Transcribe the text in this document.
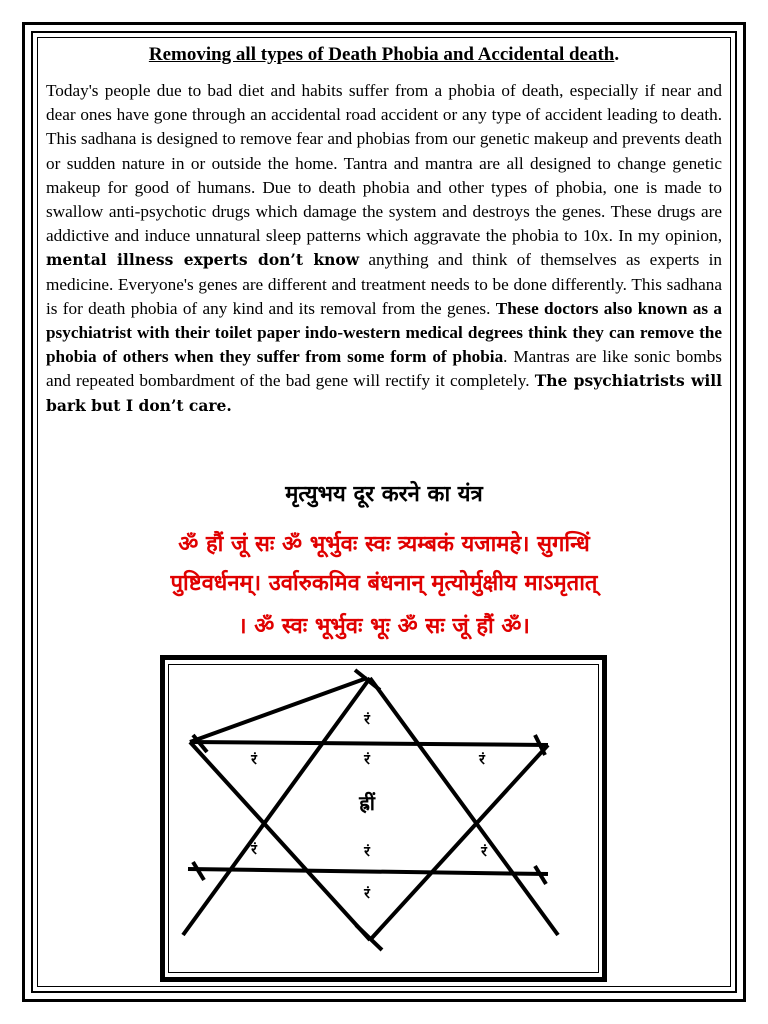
Removing all types of Death Phobia and Accidental death.
Today's people due to bad diet and habits suffer from a phobia of death, especially if near and dear ones have gone through an accidental road accident or any type of accident leading to death. This sadhana is designed to remove fear and phobias from our genetic makeup and prevents death or sudden nature in or outside the home. Tantra and mantra are all designed to change genetic makeup for good of humans. Due to death phobia and other types of phobia, one is made to swallow anti-psychotic drugs which damage the system and destroys the genes. These drugs are addictive and induce unnatural sleep patterns which aggravate the phobia to 10x. In my opinion, mental illness experts don’t know anything and think of themselves as experts in medicine. Everyone's genes are different and treatment needs to be done differently. This sadhana is for death phobia of any kind and its removal from the genes. These doctors also known as a psychiatrist with their toilet paper indo-western medical degrees think they can remove the phobia of others when they suffer from some form of phobia. Mantras are like sonic bombs and repeated bombardment of the bad gene will rectify it completely. The psychiatrists will bark but I don’t care.
मृत्युभय दूर करने का यंत्र
ॐ हौं जूं सः ॐ भूर्भुवः स्वः त्र्यम्बकं यजामहे। सुगन्धिं
पुष्टिवर्धनम्। उर्वारुकमिव बंधनान् मृत्योर्मुक्षीय माऽमृतात्
। ॐ स्वः भूर्भुवः भूः ॐ सः जूं हौं ॐ।
रं
रं	रं	रं
ह्रीं
रं	रं	रं
रं
